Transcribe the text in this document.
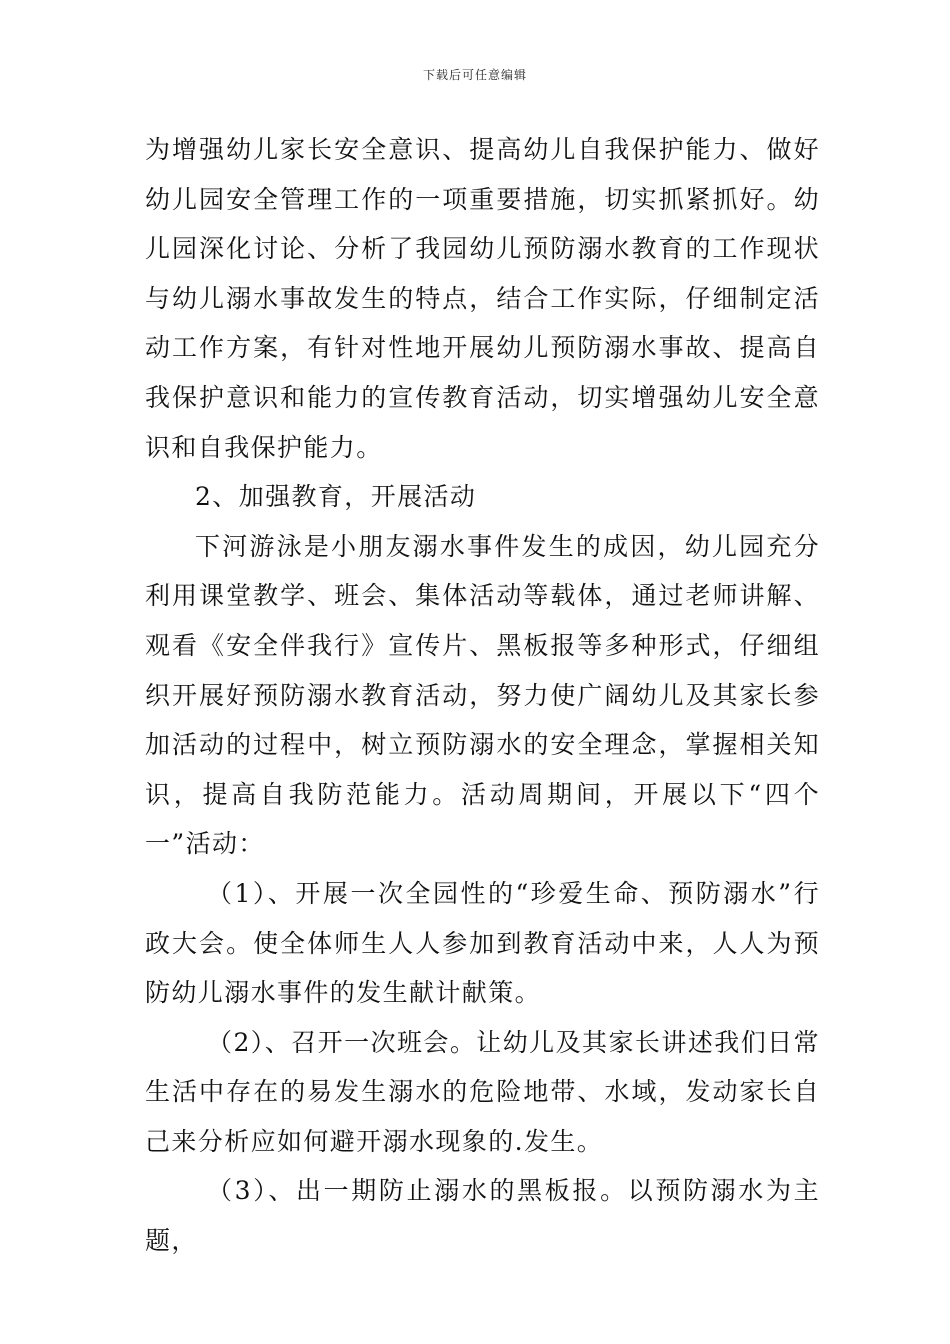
下载后可任意编辑

为增强幼儿家长安全意识、提高幼儿自我保护能力、做好幼儿园安全管理工作的一项重要措施，切实抓紧抓好。幼儿园深化讨论、分析了我园幼儿预防溺水教育的工作现状与幼儿溺水事故发生的特点，结合工作实际，仔细制定活动工作方案，有针对性地开展幼儿预防溺水事故、提高自我保护意识和能力的宣传教育活动，切实增强幼儿安全意识和自我保护能力。

2、加强教育，开展活动

下河游泳是小朋友溺水事件发生的成因，幼儿园充分利用课堂教学、班会、集体活动等载体，通过老师讲解、观看《安全伴我行》宣传片、黑板报等多种形式，仔细组织开展好预防溺水教育活动，努力使广阔幼儿及其家长参加活动的过程中，树立预防溺水的安全理念，掌握相关知识，提高自我防范能力。活动周期间，开展以下“四个一”活动：

（1）、开展一次全园性的“珍爱生命、预防溺水”行政大会。使全体师生人人参加到教育活动中来，人人为预防幼儿溺水事件的发生献计献策。

（2）、召开一次班会。让幼儿及其家长讲述我们日常生活中存在的易发生溺水的危险地带、水域，发动家长自己来分析应如何避开溺水现象的.发生。

（3）、出一期防止溺水的黑板报。以预防溺水为主题，
